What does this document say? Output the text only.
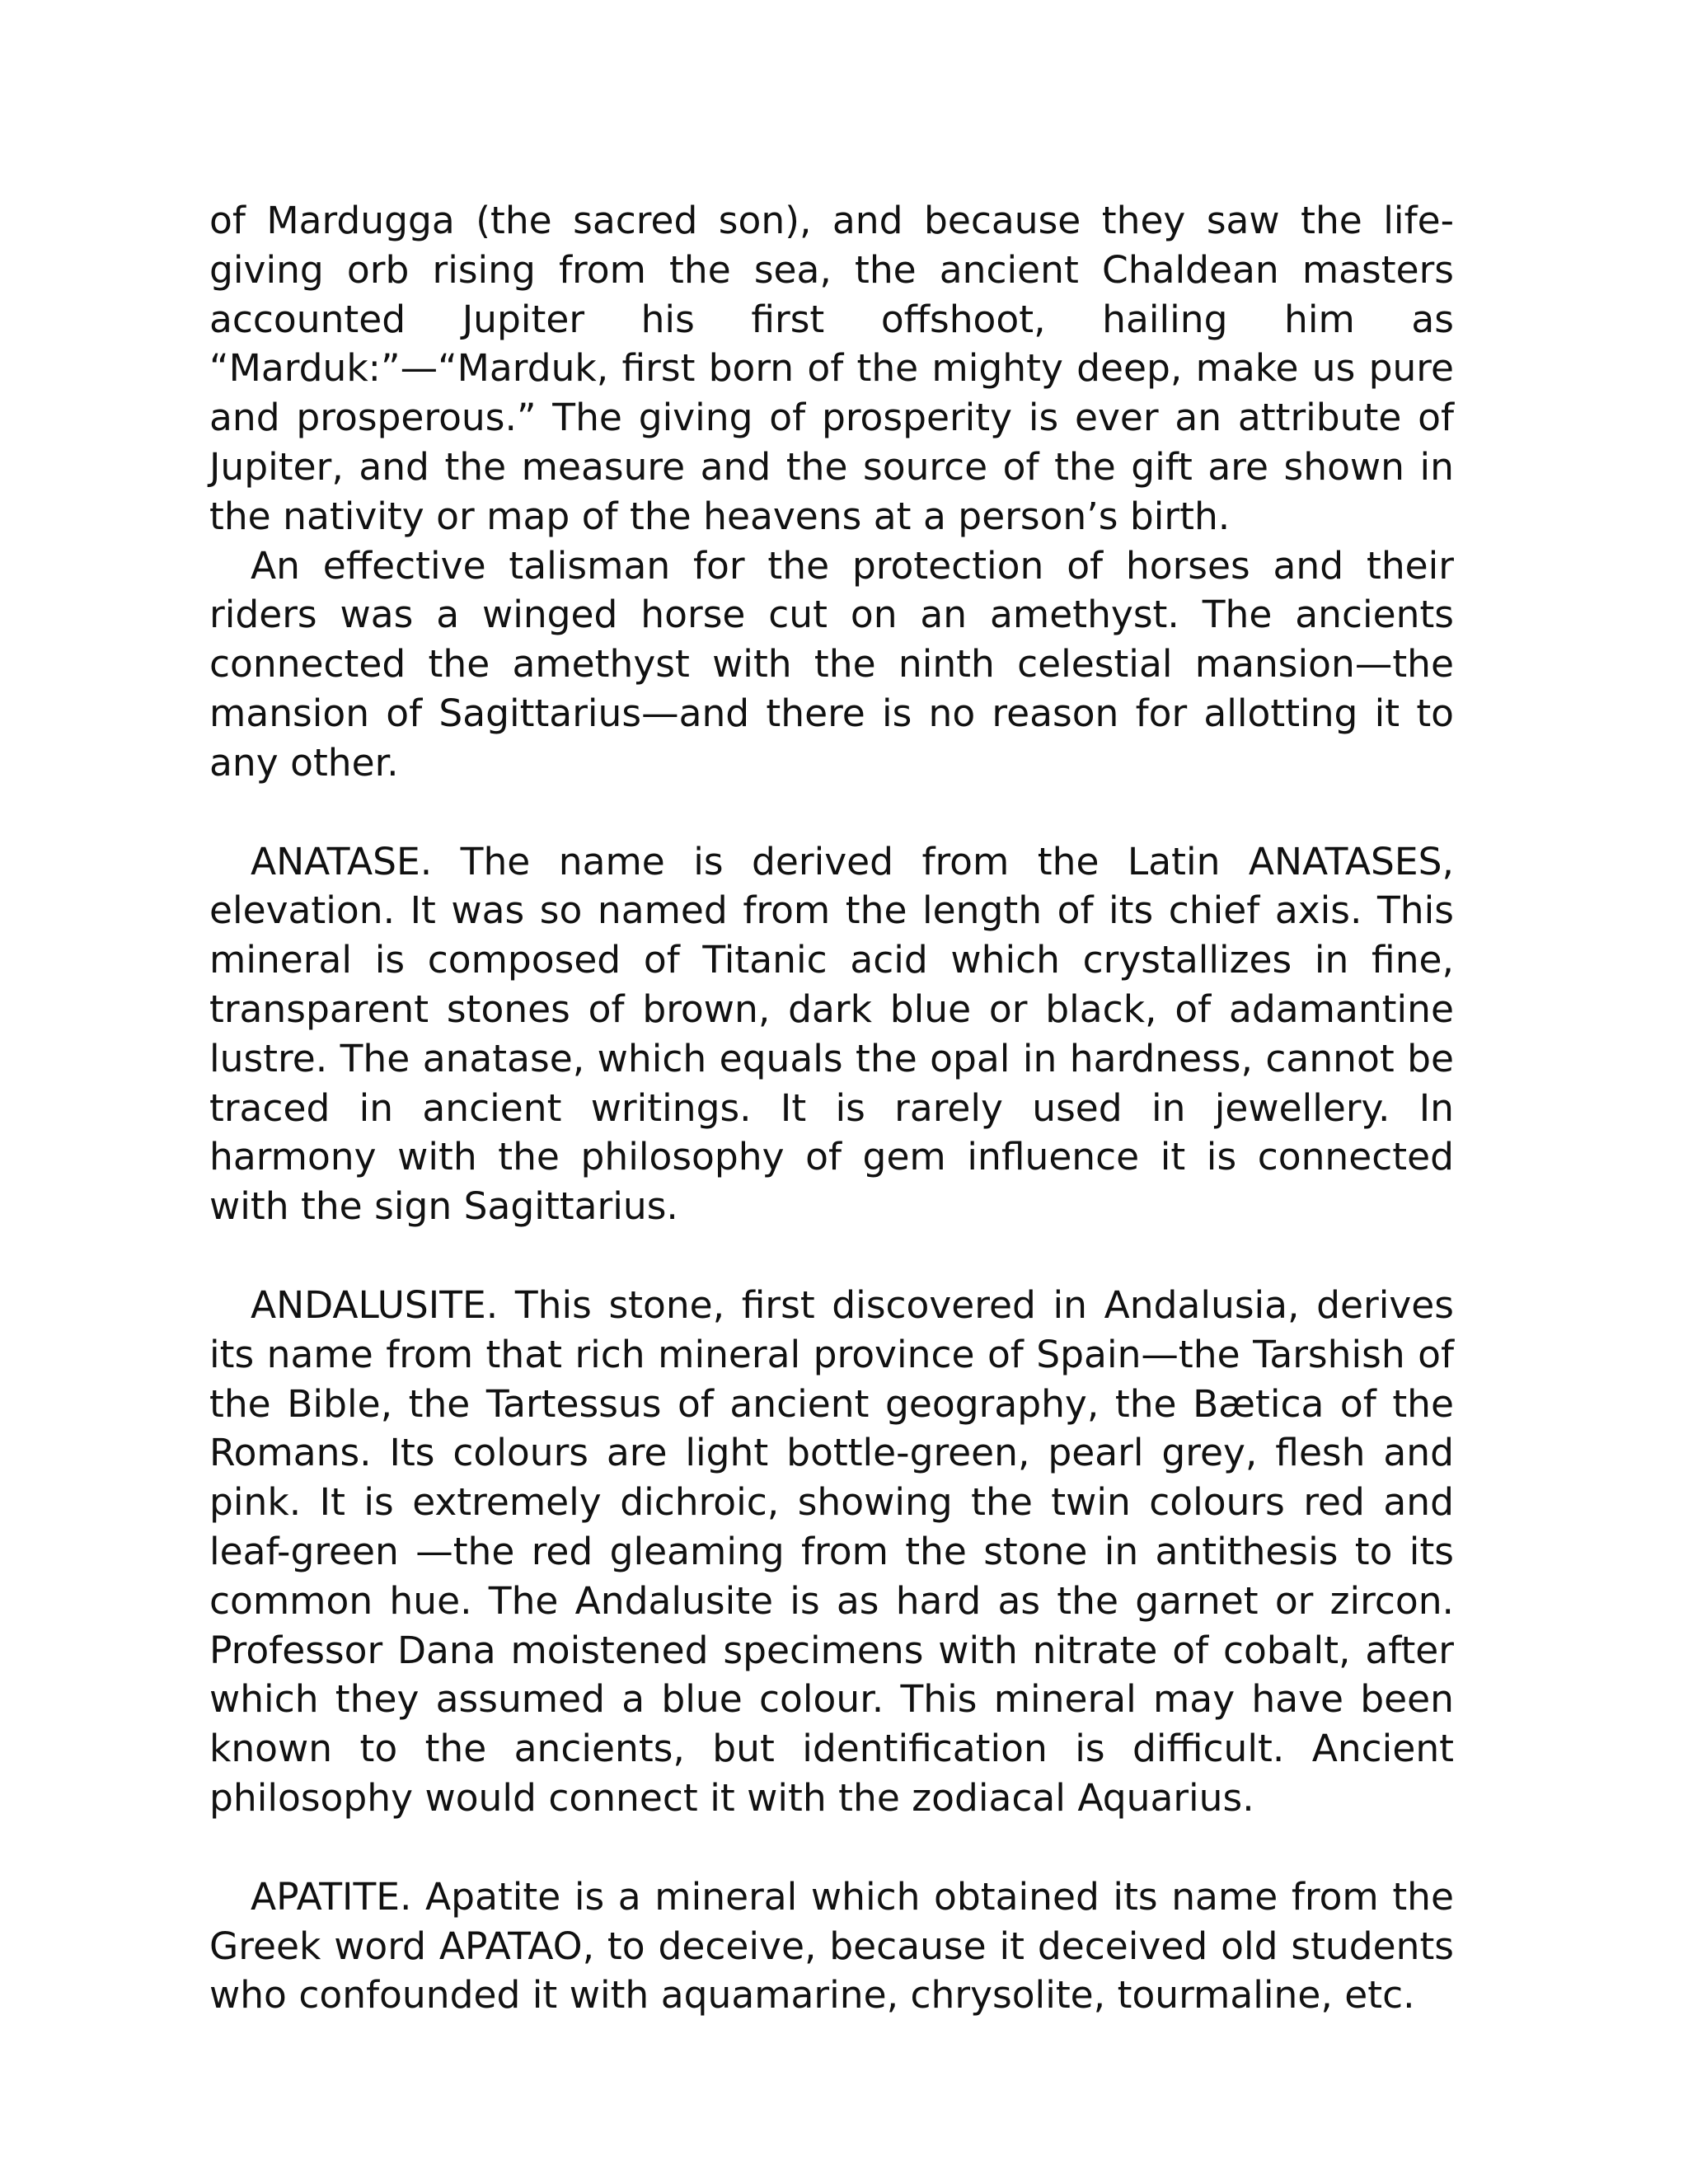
of Mardugga (the sacred son), and because they saw the life-giving orb rising from the sea, the ancient Chaldean masters accounted Jupiter his first offshoot, hailing him as “Marduk:”—“Marduk, first born of the mighty deep, make us pure and prosperous.” The giving of prosperity is ever an attribute of Jupiter, and the measure and the source of the gift are shown in the nativity or map of the heavens at a person’s birth.

An effective talisman for the protection of horses and their riders was a winged horse cut on an amethyst. The ancients connected the amethyst with the ninth celestial mansion—the mansion of Sagittarius—and there is no reason for allotting it to any other.

ANATASE. The name is derived from the Latin ANATASES, elevation. It was so named from the length of its chief axis. This mineral is composed of Titanic acid which crystallizes in fine, transparent stones of brown, dark blue or black, of adamantine lustre. The anatase, which equals the opal in hardness, cannot be traced in ancient writings. It is rarely used in jewellery. In harmony with the philosophy of gem influence it is connected with the sign Sagittarius.

ANDALUSITE. This stone, first discovered in Andalusia, derives its name from that rich mineral province of Spain—the Tarshish of the Bible, the Tartessus of ancient geography, the Bætica of the Romans. Its colours are light bottle-green, pearl grey, flesh and pink. It is extremely dichroic, showing the twin colours red and leaf-green —the red gleaming from the stone in antithesis to its common hue. The Andalusite is as hard as the garnet or zircon. Professor Dana moistened specimens with nitrate of cobalt, after which they assumed a blue colour. This mineral may have been known to the ancients, but identification is difficult. Ancient philosophy would connect it with the zodiacal Aquarius.

APATITE. Apatite is a mineral which obtained its name from the Greek word APATAO, to deceive, because it deceived old students who confounded it with aquamarine, chrysolite, tourmaline, etc.
